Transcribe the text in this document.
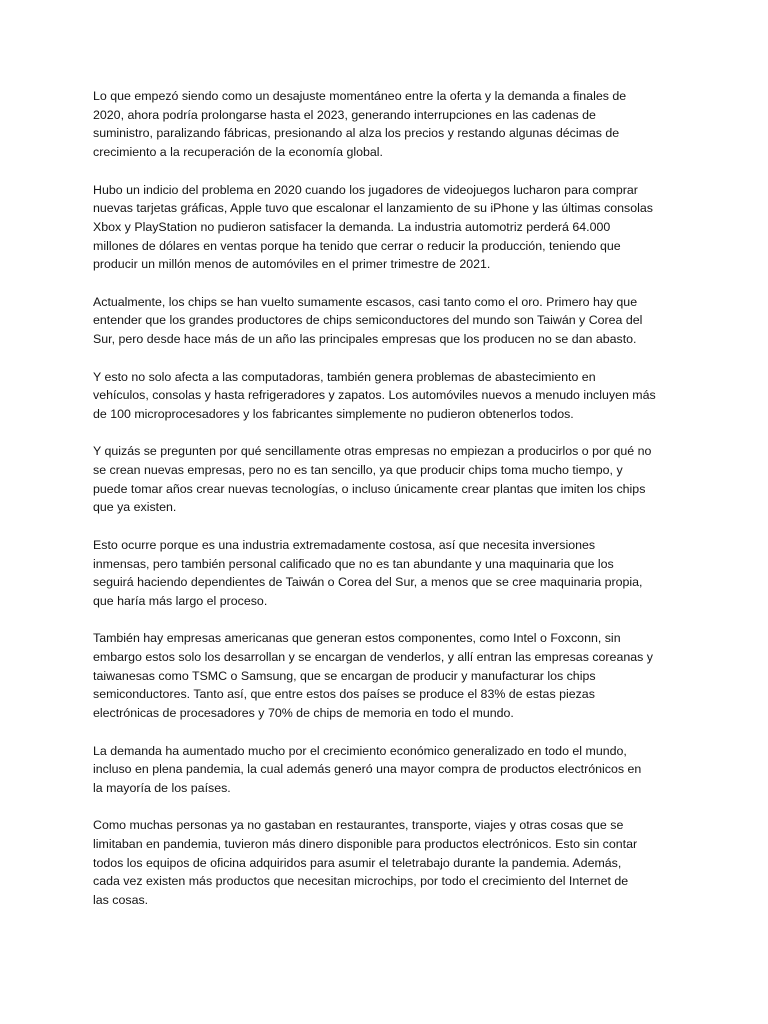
Lo que empezó siendo como un desajuste momentáneo entre la oferta y la demanda a finales de
2020, ahora podría prolongarse hasta el 2023, generando interrupciones en las cadenas de
suministro, paralizando fábricas, presionando al alza los precios y restando algunas décimas de
crecimiento a la recuperación de la economía global.

Hubo un indicio del problema en 2020 cuando los jugadores de videojuegos lucharon para comprar
nuevas tarjetas gráficas, Apple tuvo que escalonar el lanzamiento de su iPhone y las últimas consolas
Xbox y PlayStation no pudieron satisfacer la demanda. La industria automotriz perderá 64.000
millones de dólares en ventas porque ha tenido que cerrar o reducir la producción, teniendo que
producir un millón menos de automóviles en el primer trimestre de 2021.

Actualmente, los chips se han vuelto sumamente escasos, casi tanto como el oro. Primero hay que
entender que los grandes productores de chips semiconductores del mundo son Taiwán y Corea del
Sur, pero desde hace más de un año las principales empresas que los producen no se dan abasto.

Y esto no solo afecta a las computadoras, también genera problemas de abastecimiento en
vehículos, consolas y hasta refrigeradores y zapatos. Los automóviles nuevos a menudo incluyen más
de 100 microprocesadores y los fabricantes simplemente no pudieron obtenerlos todos.

Y quizás se pregunten por qué sencillamente otras empresas no empiezan a producirlos o por qué no
se crean nuevas empresas, pero no es tan sencillo, ya que producir chips toma mucho tiempo, y
puede tomar años crear nuevas tecnologías, o incluso únicamente crear plantas que imiten los chips
que ya existen.

Esto ocurre porque es una industria extremadamente costosa, así que necesita inversiones
inmensas, pero también personal calificado que no es tan abundante y una maquinaria que los
seguirá haciendo dependientes de Taiwán o Corea del Sur, a menos que se cree maquinaria propia,
que haría más largo el proceso.

También hay empresas americanas que generan estos componentes, como Intel o Foxconn, sin
embargo estos solo los desarrollan y se encargan de venderlos, y allí entran las empresas coreanas y
taiwanesas como TSMC o Samsung, que se encargan de producir y manufacturar los chips
semiconductores. Tanto así, que entre estos dos países se produce el 83% de estas piezas
electrónicas de procesadores y 70% de chips de memoria en todo el mundo.

La demanda ha aumentado mucho por el crecimiento económico generalizado en todo el mundo,
incluso en plena pandemia, la cual además generó una mayor compra de productos electrónicos en
la mayoría de los países.

Como muchas personas ya no gastaban en restaurantes, transporte, viajes y otras cosas que se
limitaban en pandemia, tuvieron más dinero disponible para productos electrónicos. Esto sin contar
todos los equipos de oficina adquiridos para asumir el teletrabajo durante la pandemia. Además,
cada vez existen más productos que necesitan microchips, por todo el crecimiento del Internet de
las cosas.
